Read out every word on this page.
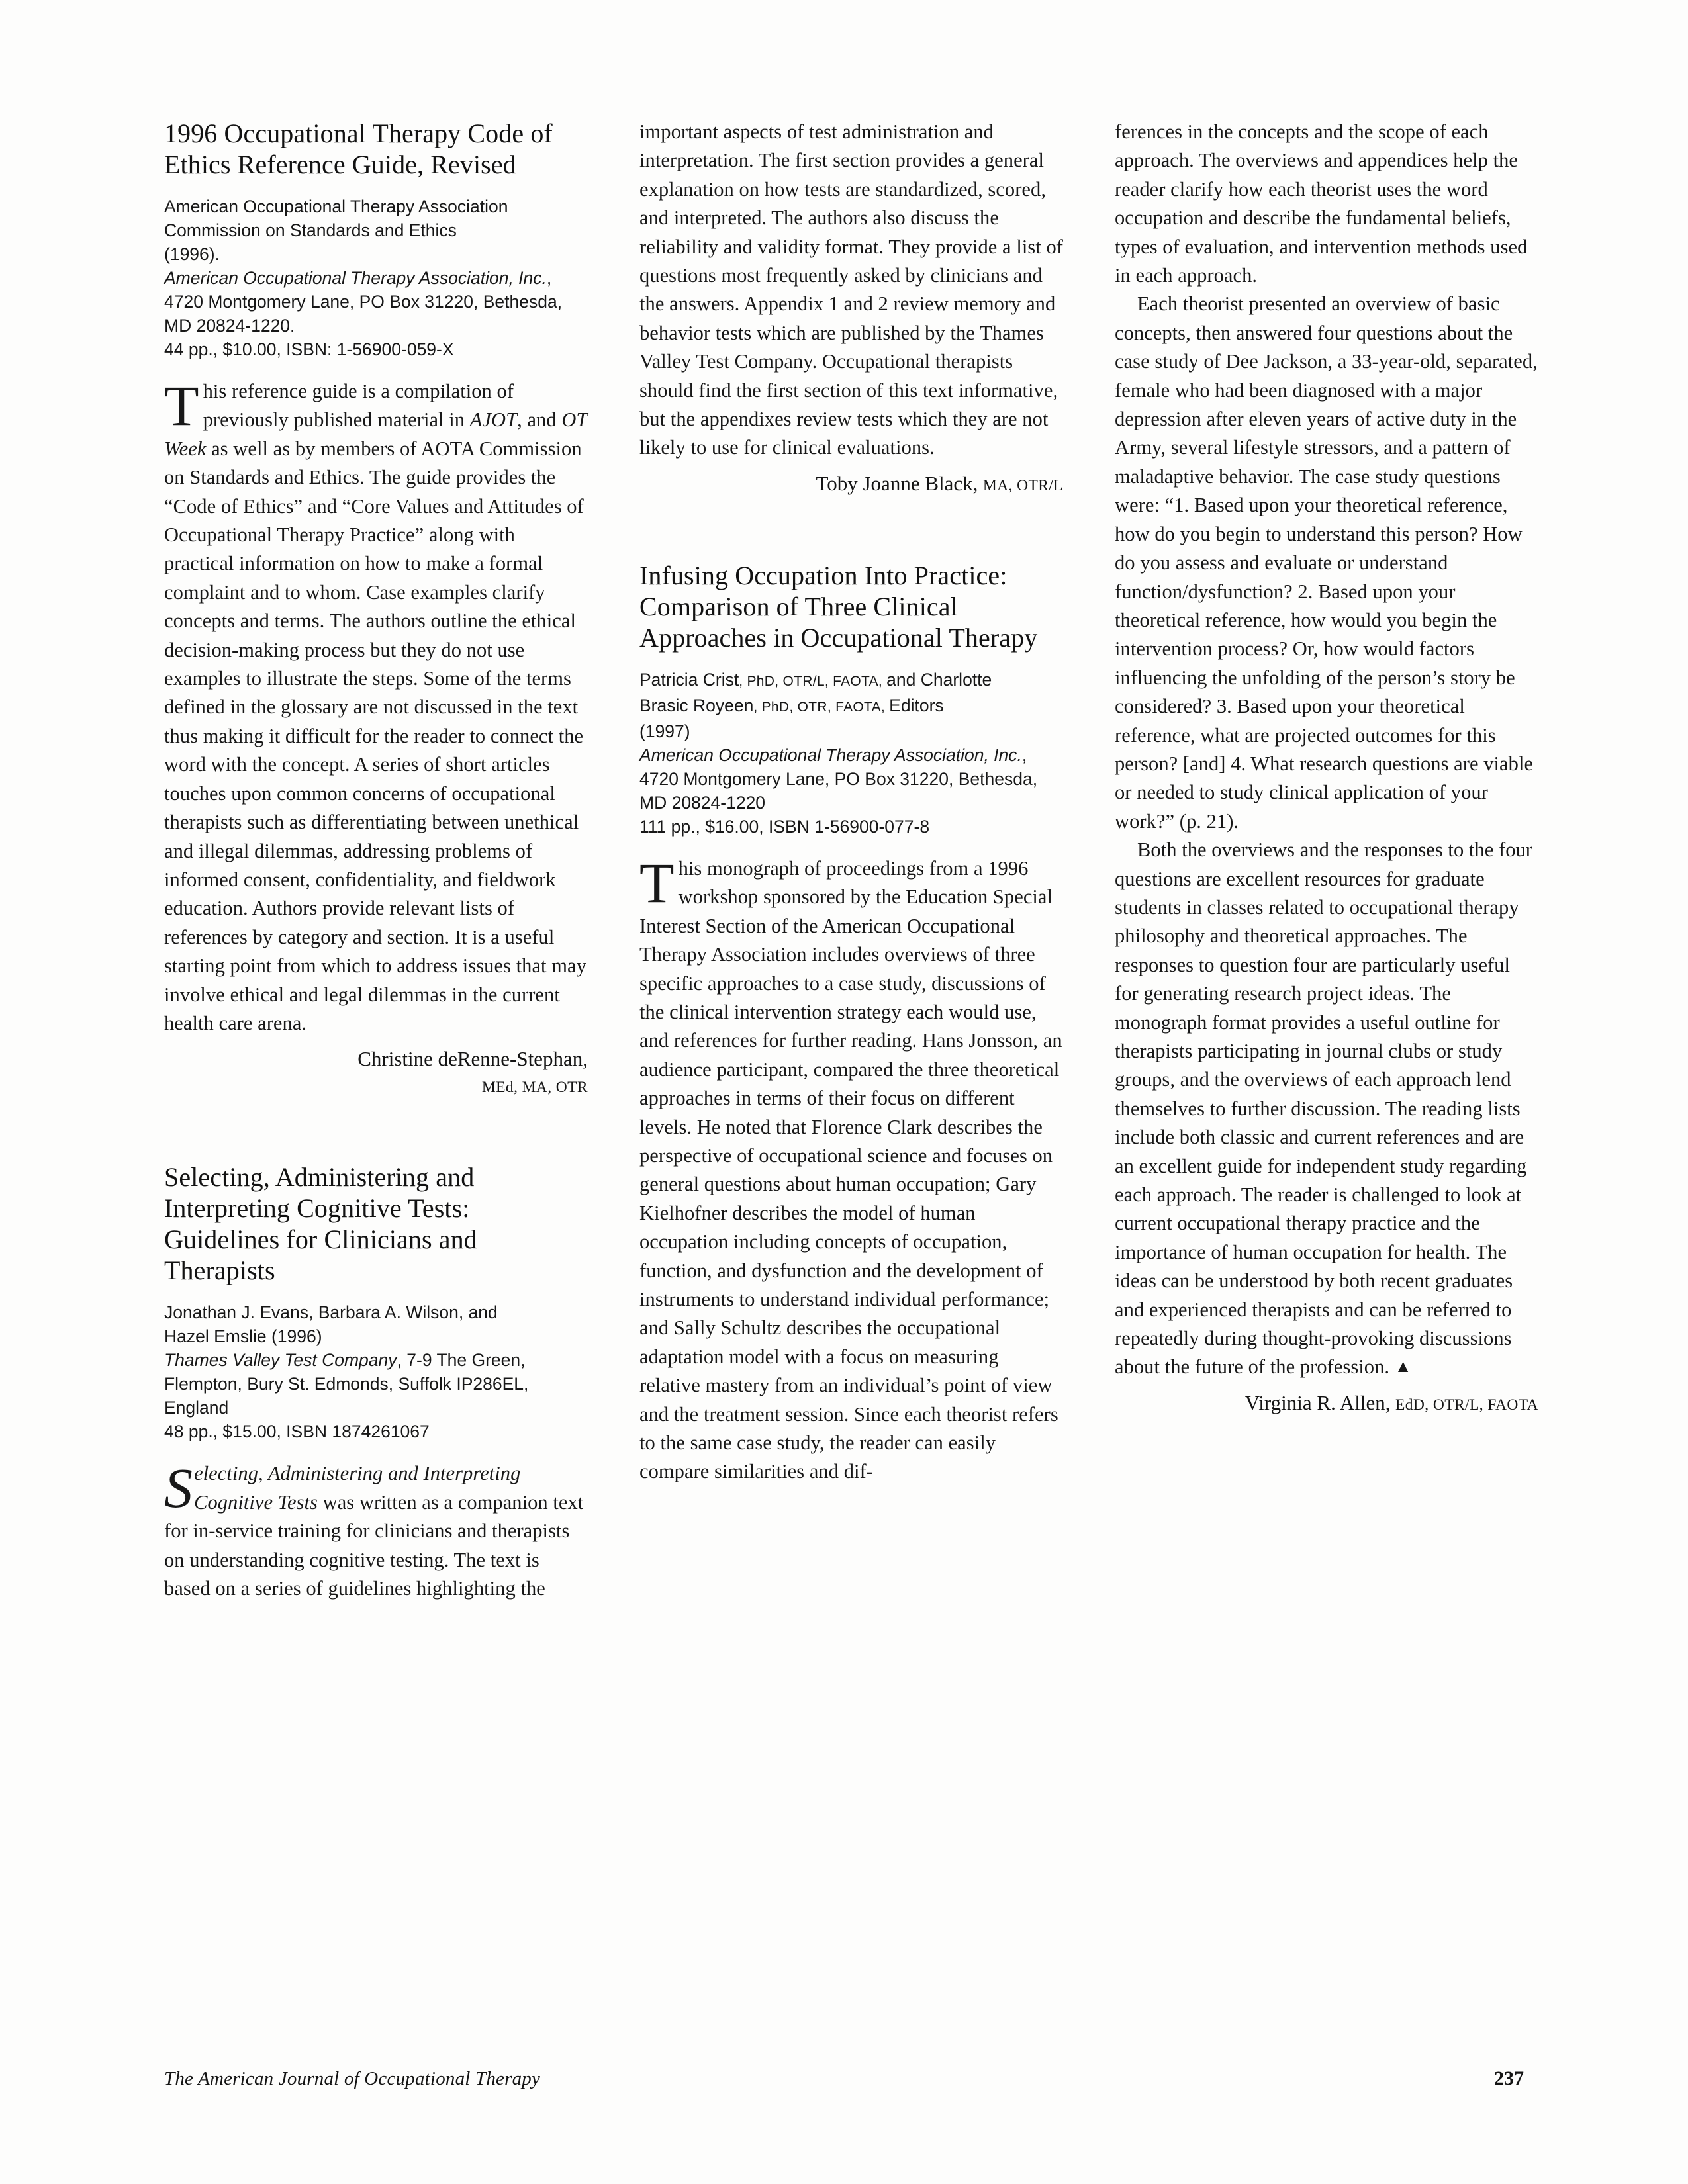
1996 Occupational Therapy Code of Ethics Reference Guide, Revised

American Occupational Therapy Association
Commission on Standards and Ethics
(1996).
American Occupational Therapy Association, Inc., 4720 Montgomery Lane, PO Box 31220, Bethesda, MD 20824-1220.
44 pp., $10.00, ISBN: 1-56900-059-X

This reference guide is a compilation of previously published material in AJOT, and OT Week as well as by members of AOTA Commission on Standards and Ethics. The guide provides the “Code of Ethics” and “Core Values and Attitudes of Occupational Therapy Practice” along with practical information on how to make a formal complaint and to whom. Case examples clarify concepts and terms. The authors outline the ethical decision-making process but they do not use examples to illustrate the steps. Some of the terms defined in the glossary are not discussed in the text thus making it difficult for the reader to connect the word with the concept. A series of short articles touches upon common concerns of occupational therapists such as differentiating between unethical and illegal dilemmas, addressing problems of informed consent, confidentiality, and fieldwork education. Authors provide relevant lists of references by category and section. It is a useful starting point from which to address issues that may involve ethical and legal dilemmas in the current health care arena.

Christine deRenne-Stephan,
MEd, MA, OTR

Selecting, Administering and Interpreting Cognitive Tests: Guidelines for Clinicians and Therapists

Jonathan J. Evans, Barbara A. Wilson, and
Hazel Emslie (1996)
Thames Valley Test Company, 7-9 The Green, Flempton, Bury St. Edmonds, Suffolk IP286EL, England
48 pp., $15.00, ISBN 1874261067

Selecting, Administering and Interpreting Cognitive Tests was written as a companion text for in-service training for clinicians and therapists on understanding cognitive testing. The text is based on a series of guidelines highlighting the

important aspects of test administration and interpretation. The first section provides a general explanation on how tests are standardized, scored, and interpreted. The authors also discuss the reliability and validity format. They provide a list of questions most frequently asked by clinicians and the answers. Appendix 1 and 2 review memory and behavior tests which are published by the Thames Valley Test Company. Occupational therapists should find the first section of this text informative, but the appendixes review tests which they are not likely to use for clinical evaluations.

Toby Joanne Black, MA, OTR/L

Infusing Occupation Into Practice: Comparison of Three Clinical Approaches in Occupational Therapy

Patricia Crist, PhD, OTR/L, FAOTA, and Charlotte
Brasic Royeen, PhD, OTR, FAOTA, Editors
(1997)
American Occupational Therapy Association, Inc., 4720 Montgomery Lane, PO Box 31220, Bethesda, MD 20824-1220
111 pp., $16.00, ISBN 1-56900-077-8

This monograph of proceedings from a 1996 workshop sponsored by the Education Special Interest Section of the American Occupational Therapy Association includes overviews of three specific approaches to a case study, discussions of the clinical intervention strategy each would use, and references for further reading. Hans Jonsson, an audience participant, compared the three theoretical approaches in terms of their focus on different levels. He noted that Florence Clark describes the perspective of occupational science and focuses on general questions about human occupation; Gary Kielhofner describes the model of human occupation including concepts of occupation, function, and dysfunction and the development of instruments to understand individual performance; and Sally Schultz describes the occupational adaptation model with a focus on measuring relative mastery from an individual’s point of view and the treatment session. Since each theorist refers to the same case study, the reader can easily compare similarities and dif-

ferences in the concepts and the scope of each approach. The overviews and appendices help the reader clarify how each theorist uses the word occupation and describe the fundamental beliefs, types of evaluation, and intervention methods used in each approach.

Each theorist presented an overview of basic concepts, then answered four questions about the case study of Dee Jackson, a 33-year-old, separated, female who had been diagnosed with a major depression after eleven years of active duty in the Army, several lifestyle stressors, and a pattern of maladaptive behavior. The case study questions were: “1. Based upon your theoretical reference, how do you begin to understand this person? How do you assess and evaluate or understand function/dysfunction? 2. Based upon your theoretical reference, how would you begin the intervention process? Or, how would factors influencing the unfolding of the person’s story be considered? 3. Based upon your theoretical reference, what are projected outcomes for this person? [and] 4. What research questions are viable or needed to study clinical application of your work?” (p. 21).

Both the overviews and the responses to the four questions are excellent resources for graduate students in classes related to occupational therapy philosophy and theoretical approaches. The responses to question four are particularly useful for generating research project ideas. The monograph format provides a useful outline for therapists participating in journal clubs or study groups, and the overviews of each approach lend themselves to further discussion. The reading lists include both classic and current references and are an excellent guide for independent study regarding each approach. The reader is challenged to look at current occupational therapy practice and the importance of human occupation for health. The ideas can be understood by both recent graduates and experienced therapists and can be referred to repeatedly during thought-provoking discussions about the future of the profession. ▲

Virginia R. Allen, EdD, OTR/L, FAOTA

The American Journal of Occupational Therapy	237
